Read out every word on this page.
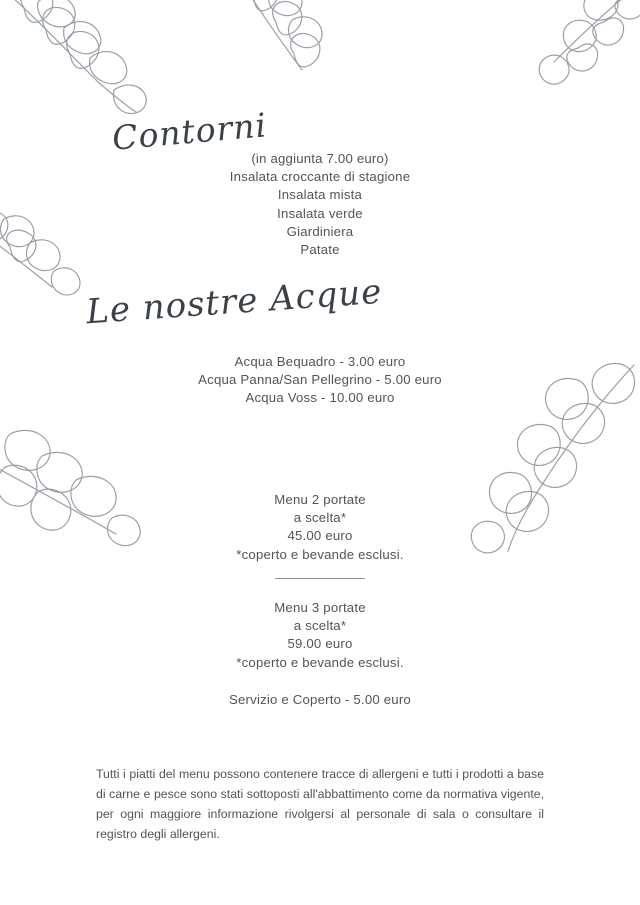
Contorni
(in aggiunta 7.00 euro)
Insalata croccante di stagione
Insalata mista
Insalata verde
Giardiniera
Patate
Le nostre Acque
Acqua Bequadro - 3.00 euro
Acqua Panna/San Pellegrino - 5.00 euro
Acqua Voss - 10.00 euro
Menu 2 portate
a scelta*
45.00 euro
*coperto e bevande esclusi.
Menu 3 portate
a scelta*
59.00 euro
*coperto e bevande esclusi.
Servizio e Coperto - 5.00 euro
Tutti i piatti del menu possono contenere tracce di allergeni e tutti i prodotti a base di carne e pesce sono stati sottoposti all'abbattimento come da normativa vigente, per ogni maggiore informazione rivolgersi al personale di sala o consultare il registro degli allergeni.
